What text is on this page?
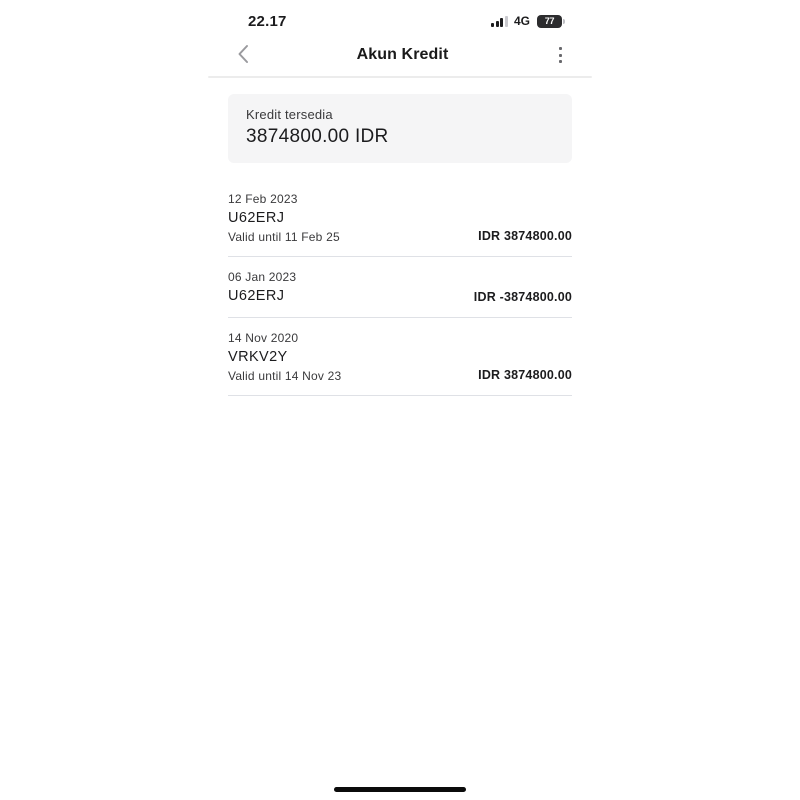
22.17	4G	77
Akun Kredit
Kredit tersedia
3874800.00 IDR
12 Feb 2023
U62ERJ
Valid until 11 Feb 25	IDR 3874800.00
06 Jan 2023
U62ERJ	IDR -3874800.00
14 Nov 2020
VRKV2Y
Valid until 14 Nov 23	IDR 3874800.00
